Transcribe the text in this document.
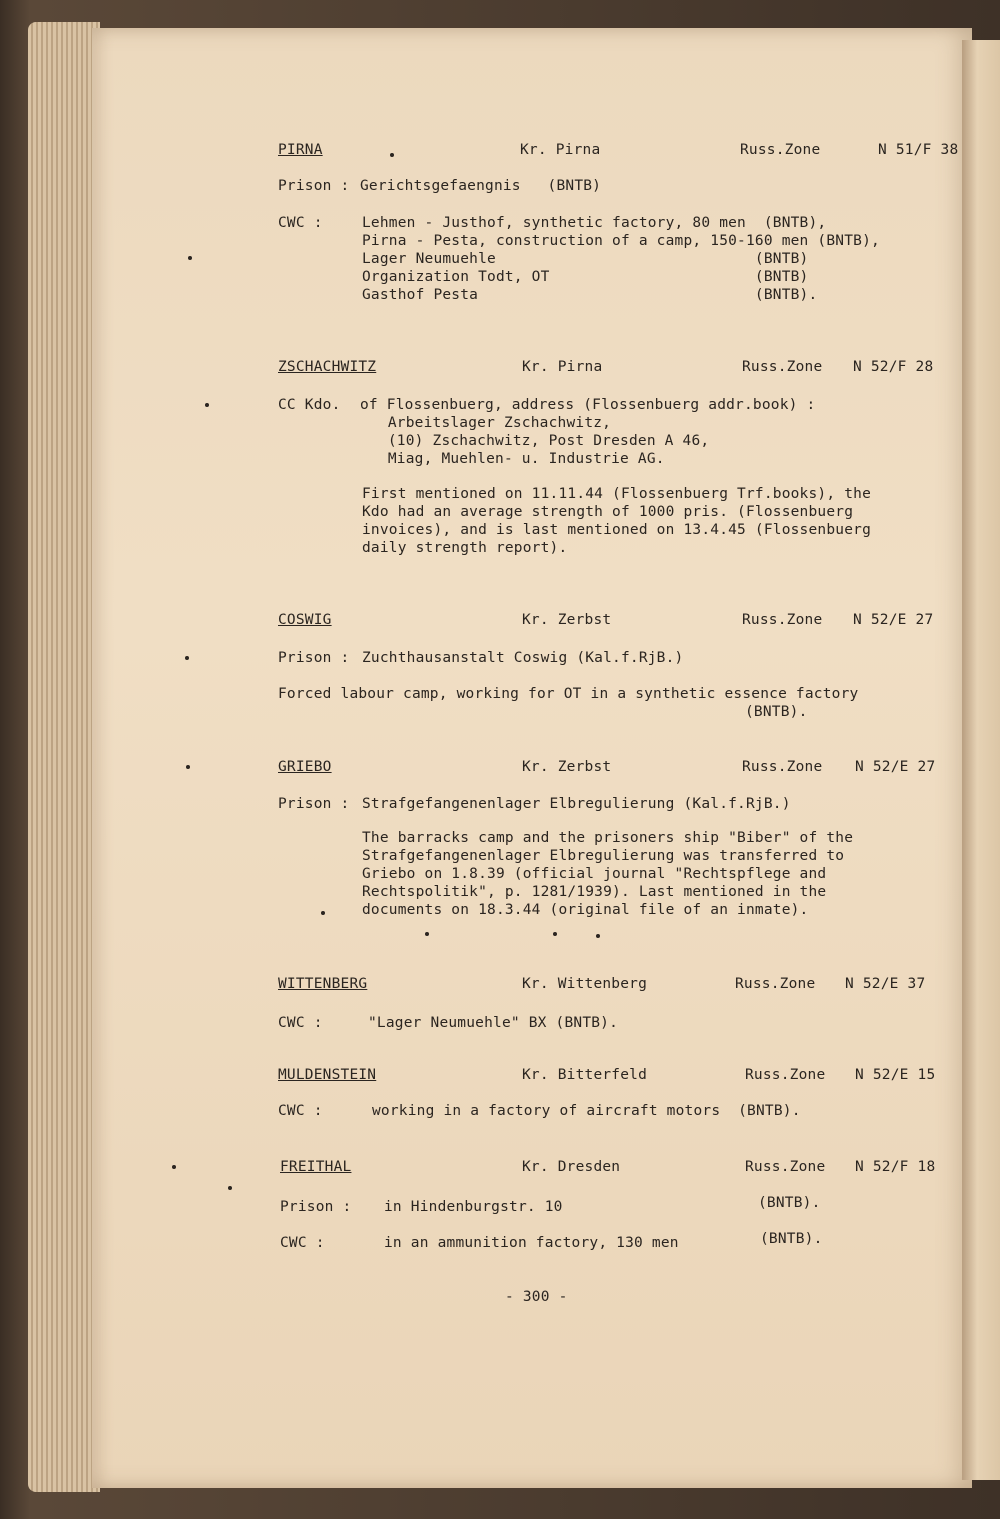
PIRNA	Kr. Pirna	Russ.Zone	N 51/F 38
Prison : Gerichtsgefaengnis   (BNTB)
CWC :	Lehmen - Justhof, synthetic factory, 80 men  (BNTB),
Pirna - Pesta, construction of a camp, 150-160 men (BNTB),
Lager Neumuehle                             (BNTB)
Organization Todt, OT                       (BNTB)
Gasthof Pesta                               (BNTB).
ZSCHACHWITZ	Kr. Pirna	Russ.Zone N 52/F 28
CC Kdo. of Flossenbuerg, address (Flossenbuerg addr.book) :
Arbeitslager Zschachwitz,
(10) Zschachwitz, Post Dresden A 46,
Miag, Muehlen- u. Industrie AG.
First mentioned on 11.11.44 (Flossenbuerg Trf.books), the
Kdo had an average strength of 1000 pris. (Flossenbuerg
invoices), and is last mentioned on 13.4.45 (Flossenbuerg
daily strength report).
COSWIG	Kr. Zerbst	Russ.Zone N 52/E 27
Prison : Zuchthausanstalt Coswig (Kal.f.RjB.)
Forced labour camp, working for OT in a synthetic essence factory
(BNTB).
GRIEBO	Kr. Zerbst	Russ.Zone N 52/E 27
Prison : Strafgefangenenlager Elbregulierung (Kal.f.RjB.)
The barracks camp and the prisoners ship "Biber" of the
Strafgefangenenlager Elbregulierung was transferred to
Griebo on 1.8.39 (official journal "Rechtspflege and
Rechtspolitik", p. 1281/1939). Last mentioned in the
documents on 18.3.44 (original file of an inmate).
WITTENBERG	Kr. Wittenberg	Russ.Zone N 52/E 37
CWC :	"Lager Neumuehle" BX (BNTB).
MULDENSTEIN	Kr. Bitterfeld	Russ.Zone N 52/E 15
CWC :	working in a factory of aircraft motors  (BNTB).
FREITHAL	Kr. Dresden	Russ.Zone N 52/F 18
Prison : in Hindenburgstr. 10	(BNTB).
CWC :	in an ammunition factory, 130 men	(BNTB).
- 300 -
